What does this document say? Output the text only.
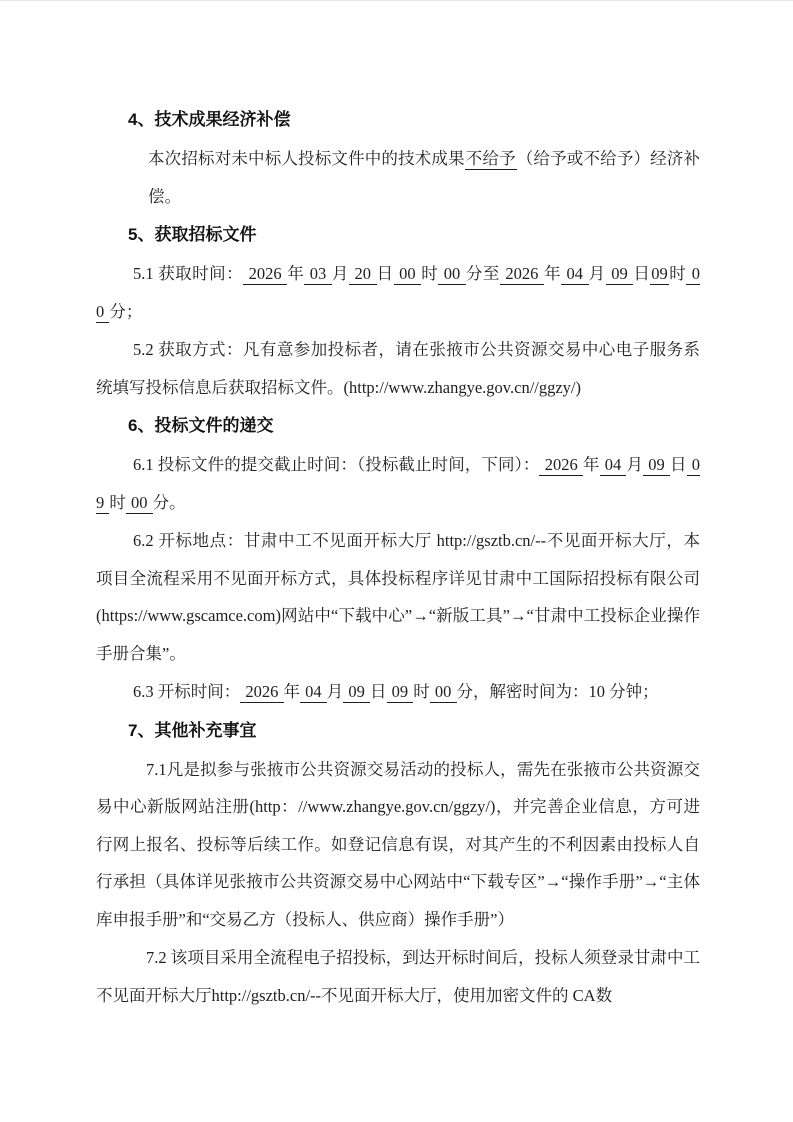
4、技术成果经济补偿

本次招标对未中标人投标文件中的技术成果不给予（给予或不给予）经济补偿。

5、获取招标文件

5.1 获取时间： 2026 年 03 月 20 日 00 时 00 分至 2026 年 04 月 09 日09时 00 分；

5.2 获取方式：凡有意参加投标者，请在张掖市公共资源交易中心电子服务系统填写投标信息后获取招标文件。(http://www.zhangye.gov.cn//ggzy/)

6、投标文件的递交

6.1 投标文件的提交截止时间：（投标截止时间，下同）： 2026 年 04 月 09 日 09 时 00 分。

6.2 开标地点：甘肃中工不见面开标大厅 http://gsztb.cn/--不见面开标大厅，本项目全流程采用不见面开标方式，具体投标程序详见甘肃中工国际招投标有限公司(https://www.gscamce.com)网站中“下载中心”→“新版工具”→“甘肃中工投标企业操作手册合集”。

6.3 开标时间： 2026 年 04 月 09 日 09 时 00 分，解密时间为：10 分钟；

7、其他补充事宜

7.1凡是拟参与张掖市公共资源交易活动的投标人，需先在张掖市公共资源交易中心新版网站注册(http：//www.zhangye.gov.cn/ggzy/)，并完善企业信息，方可进行网上报名、投标等后续工作。如登记信息有误，对其产生的不利因素由投标人自行承担（具体详见张掖市公共资源交易中心网站中“下载专区”→“操作手册”→“主体库申报手册”和“交易乙方（投标人、供应商）操作手册”）

7.2 该项目采用全流程电子招投标，到达开标时间后，投标人须登录甘肃中工不见面开标大厅http://gsztb.cn/--不见面开标大厅，使用加密文件的 CA数
